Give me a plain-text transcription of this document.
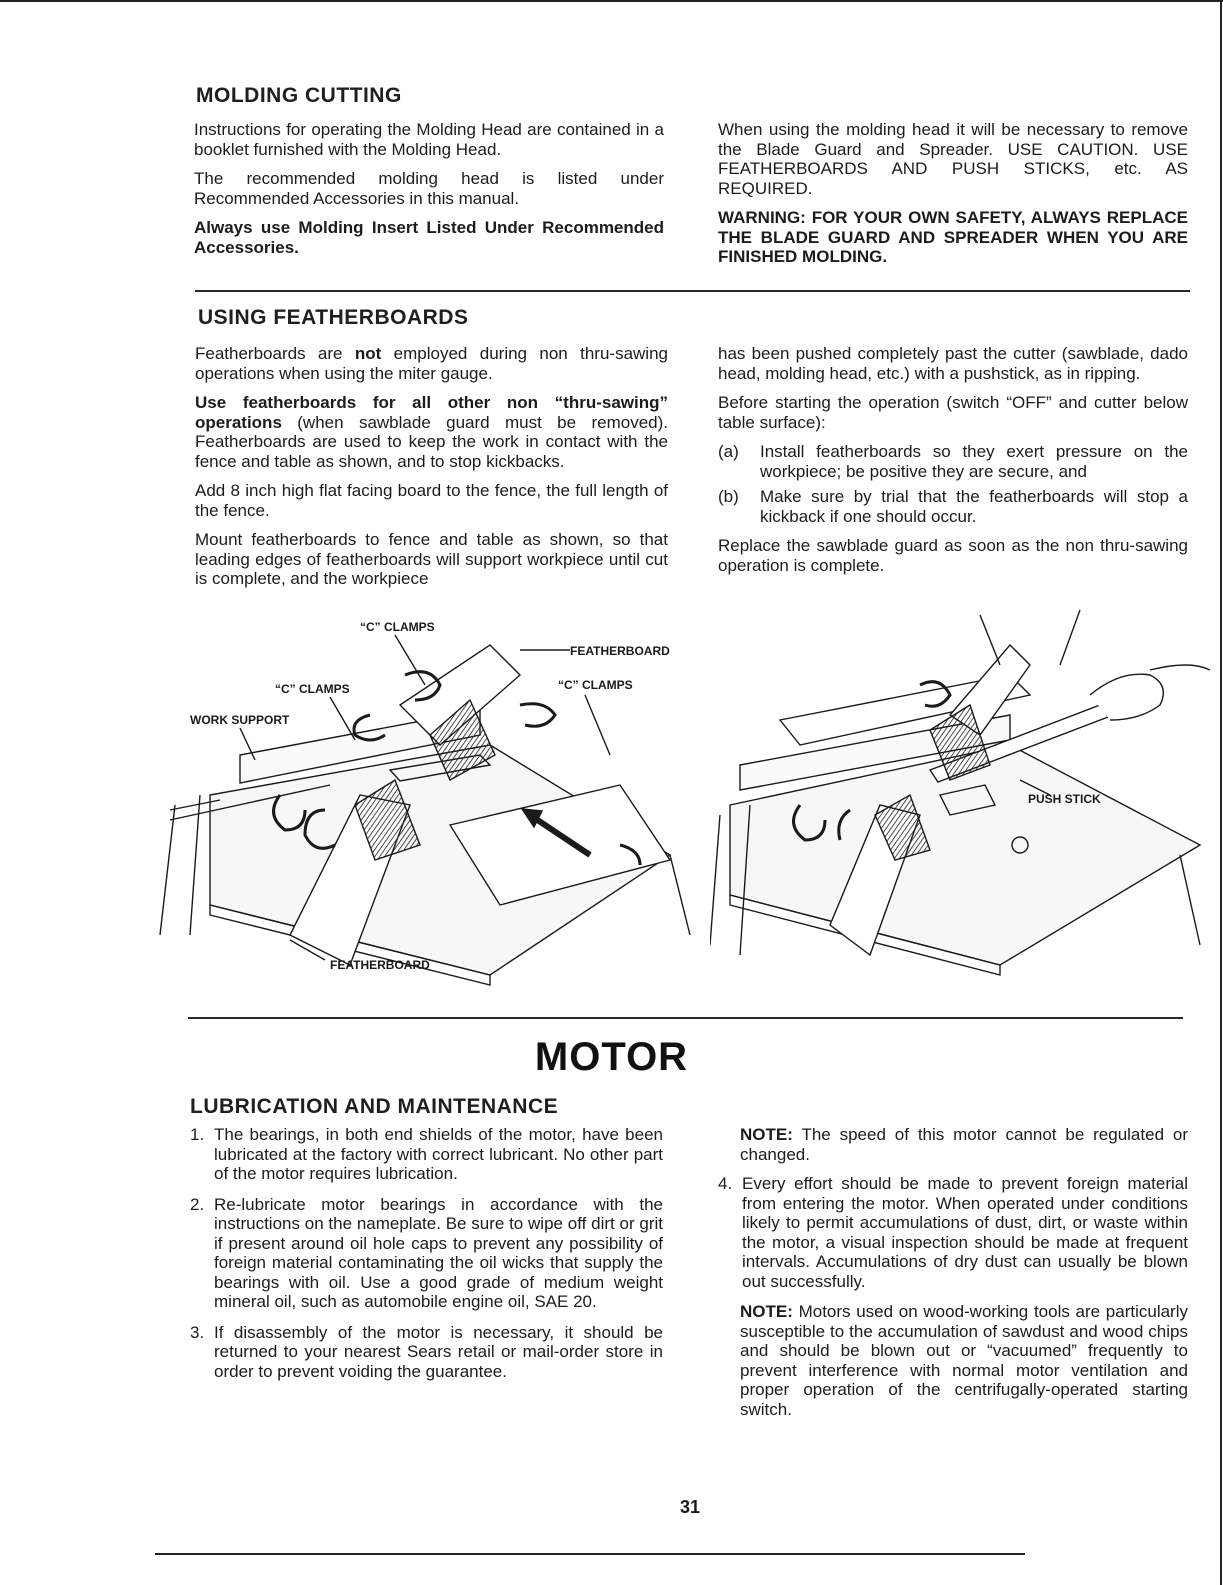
MOLDING CUTTING

Instructions for operating the Molding Head are contained in a booklet furnished with the Molding Head.

The recommended molding head is listed under Recommended Accessories in this manual.

Always use Molding Insert Listed Under Recommended Accessories.

When using the molding head it will be necessary to remove the Blade Guard and Spreader. USE CAUTION. USE FEATHERBOARDS AND PUSH STICKS, etc. AS REQUIRED.

WARNING: FOR YOUR OWN SAFETY, ALWAYS REPLACE THE BLADE GUARD AND SPREADER WHEN YOU ARE FINISHED MOLDING.

USING FEATHERBOARDS

Featherboards are not employed during non thru-sawing operations when using the miter gauge.

Use featherboards for all other non “thru-sawing” operations (when sawblade guard must be removed). Featherboards are used to keep the work in contact with the fence and table as shown, and to stop kickbacks.

Add 8 inch high flat facing board to the fence, the full length of the fence.

Mount featherboards to fence and table as shown, so that leading edges of featherboards will support workpiece until cut is complete, and the workpiece

has been pushed completely past the cutter (sawblade, dado head, molding head, etc.) with a pushstick, as in ripping.

Before starting the operation (switch “OFF” and cutter below table surface):

(a) Install featherboards so they exert pressure on the workpiece; be positive they are secure, and
(b) Make sure by trial that the featherboards will stop a kickback if one should occur.

Replace the sawblade guard as soon as the non thru-sawing operation is complete.

“C” CLAMPS
FEATHERBOARD
“C” CLAMPS	“C” CLAMPS
WORK SUPPORT
FEATHERBOARD
PUSH STICK
MOTOR
LUBRICATION AND MAINTENANCE
1. The bearings, in both end shields of the motor, have been lubricated at the factory with correct lubricant. No other part of the motor requires lubrication.
2. Re-lubricate motor bearings in accordance with the instructions on the nameplate. Be sure to wipe off dirt or grit if present around oil hole caps to prevent any possibility of foreign material contaminating the oil wicks that supply the bearings with oil. Use a good grade of medium weight mineral oil, such as automobile engine oil, SAE 20.
3. If disassembly of the motor is necessary, it should be returned to your nearest Sears retail or mail-order store in order to prevent voiding the guarantee.

NOTE: The speed of this motor cannot be regulated or changed.

4. Every effort should be made to prevent foreign material from entering the motor. When operated under conditions likely to permit accumulations of dust, dirt, or waste within the motor, a visual inspection should be made at frequent intervals. Accumulations of dry dust can usually be blown out successfully.

NOTE: Motors used on wood-working tools are particularly susceptible to the accumulation of sawdust and wood chips and should be blown out or “vacuumed” frequently to prevent interference with normal motor ventilation and proper operation of the centrifugally-operated starting switch.

31
